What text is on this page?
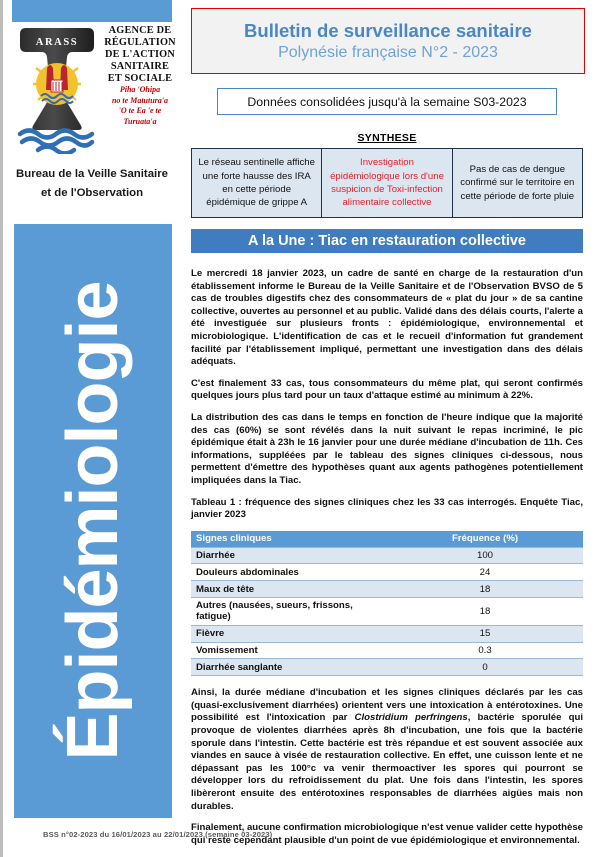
ARASS
AGENCE DE
RÉGULATION
DE L'ACTION
SANITAIRE
ET SOCIALE
Piha 'Ohipa
no te Matutura'a
'O te Ea 'e te
Turuata'a
Bureau de la Veille Sanitaire
et de l'Observation
Épidémiologie
Bulletin de surveillance sanitaire
Polynésie française N°2 - 2023
Données consolidées jusqu'à la semaine S03-2023
SYNTHESE
Le réseau sentinelle affiche une forte hausse des IRA en cette période épidémique de grippe A
Investigation épidémiologique lors d'une suspicion de Toxi-infection alimentaire collective
Pas de cas de dengue confirmé sur le territoire en cette période de forte pluie
A la Une : Tiac en restauration collective

Le mercredi 18 janvier 2023, un cadre de santé en charge de la restauration d'un établissement informe le Bureau de la Veille Sanitaire et de l'Observation BVSO de 5 cas de troubles digestifs chez des consommateurs de « plat du jour » de sa cantine collective, ouvertes au personnel et au public. Validé dans des délais courts, l'alerte a été investiguée sur plusieurs fronts : épidémiologique, environnemental et microbiologique. L'identification de cas et le recueil d'information fut grandement facilité par l'établissement impliqué, permettant une investigation dans des délais adéquats.

C'est finalement 33 cas, tous consommateurs du même plat, qui seront confirmés quelques jours plus tard pour un taux d'attaque estimé au minimum à 22%.

La distribution des cas dans le temps en fonction de l'heure indique que la majorité des cas (60%) se sont révélés dans la nuit suivant le repas incriminé, le pic épidémique était à 23h le 16 janvier pour une durée médiane d'incubation de 11h. Ces informations, suppléées par le tableau des signes cliniques ci-dessous, nous permettent d'émettre des hypothèses quant aux agents pathogènes potentiellement impliquées dans la Tiac.

Tableau 1 : fréquence des signes cliniques chez les 33 cas interrogés. Enquête Tiac, janvier 2023

Signes cliniques	Fréquence (%)
Diarrhée	100
Douleurs abdominales	24
Maux de tête	18
Autres (nausées, sueurs, frissons, fatigue)	18
Fièvre	15
Vomissement	0.3
Diarrhée sanglante	0

Ainsi, la durée médiane d'incubation et les signes cliniques déclarés par les cas (quasi-exclusivement diarrhées) orientent vers une intoxication à entérotoxines. Une possibilité est l'intoxication par Clostridium perfringens, bactérie sporulée qui provoque de violentes diarrhées après 8h d'incubation, une fois que la bactérie sporule dans l'intestin. Cette bactérie est très répandue et est souvent associée aux viandes en sauce à visée de restauration collective. En effet, une cuisson lente et ne dépassant pas les 100°c va venir thermoactiver les spores qui pourront se développer lors du refroidissement du plat. Une fois dans l'intestin, les spores libèreront ensuite des entérotoxines responsables de diarrhées aigües mais non durables.

Finalement, aucune confirmation microbiologique n'est venue valider cette hypothèse qui reste cependant plausible d'un point de vue épidémiologique et environnemental.

BSS n°02-2023 du 16/01/2023 au 22/01/2023 (semaine 03-2023)
